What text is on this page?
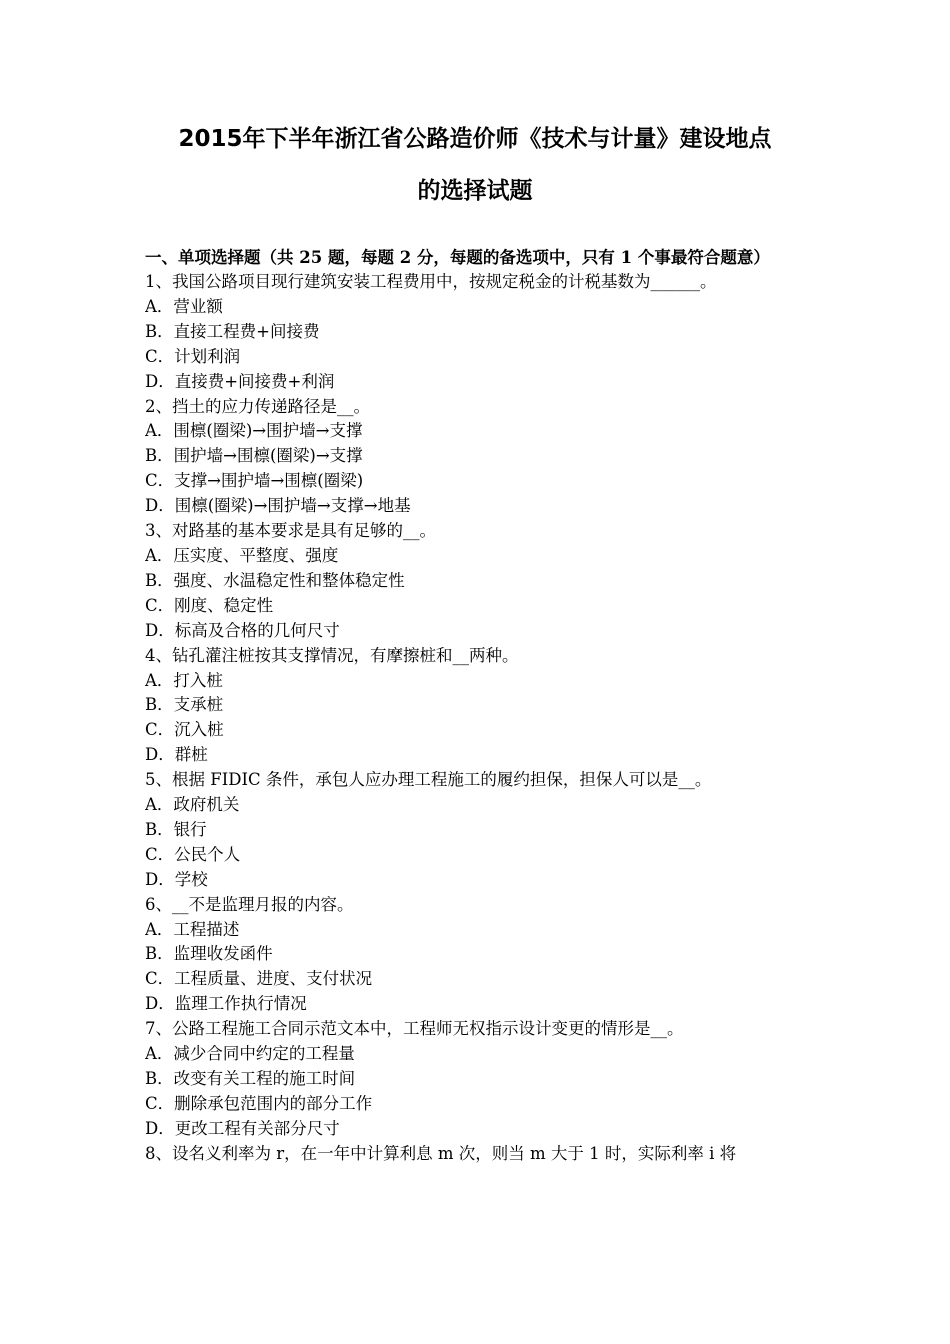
2015年下半年浙江省公路造价师《技术与计量》建设地点
的选择试题
一、单项选择题（共 25 题，每题 2 分，每题的备选项中，只有 1 个事最符合题意）
1、我国公路项目现行建筑安装工程费用中，按规定税金的计税基数为______。
A．营业额
B．直接工程费+间接费
C．计划利润
D．直接费+间接费+利润
2、挡土的应力传递路径是__。
A．围檩(圈梁)→围护墙→支撑
B．围护墙→围檩(圈梁)→支撑
C．支撑→围护墙→围檩(圈梁)
D．围檩(圈梁)→围护墙→支撑→地基
3、对路基的基本要求是具有足够的__。
A．压实度、平整度、强度
B．强度、水温稳定性和整体稳定性
C．刚度、稳定性
D．标高及合格的几何尺寸
4、钻孔灌注桩按其支撑情况，有摩擦桩和__两种。
A．打入桩
B．支承桩
C．沉入桩
D．群桩
5、根据 FIDIC 条件，承包人应办理工程施工的履约担保，担保人可以是__。
A．政府机关
B．银行
C．公民个人
D．学校
6、__不是监理月报的内容。
A．工程描述
B．监理收发函件
C．工程质量、进度、支付状况
D．监理工作执行情况
7、公路工程施工合同示范文本中，工程师无权指示设计变更的情形是__。
A．减少合同中约定的工程量
B．改变有关工程的施工时间
C．删除承包范围内的部分工作
D．更改工程有关部分尺寸
8、设名义利率为 r，在一年中计算利息 m 次，则当 m 大于 1 时，实际利率 i 将
